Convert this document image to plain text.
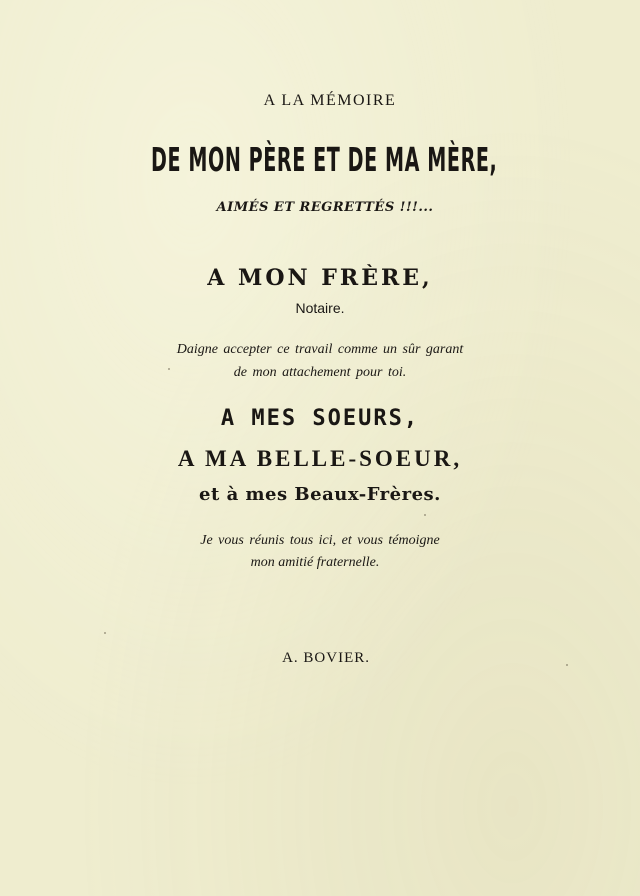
A LA MÉMOIRE
DE MON PÈRE ET DE MA MÈRE,
AIMÉS ET REGRETTÉS !!!...
A MON FRÈRE,
Notaire.
Daigne accepter ce travail comme un sûr garant
de mon attachement pour toi.
A MES SOEURS,
A MA BELLE-SOEUR,
et à mes Beaux-Frères.
Je vous réunis tous ici, et vous témoigne
mon amitié fraternelle.
A. BOVIER.
